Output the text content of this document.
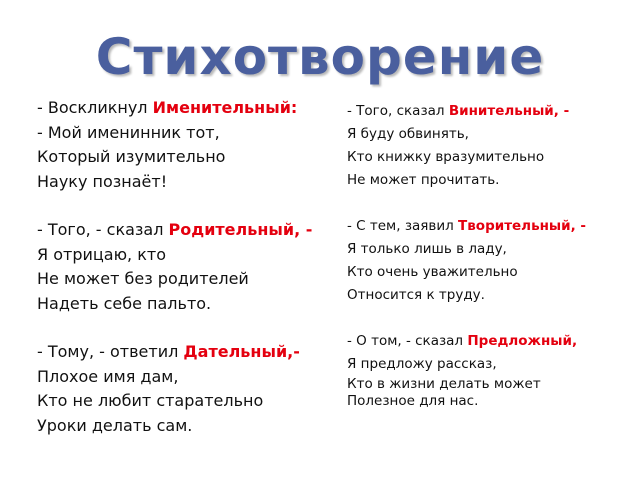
Стихотворение
- Воскликнул Именительный:
- Мой именинник тот,
Который изумительно
Науку познаёт!
- Того, - сказал Родительный, -
Я отрицаю, кто
Не может без родителей
Надеть себе пальто.
- Тому, - ответил Дательный,-
Плохое имя дам,
Кто не любит старательно
Уроки делать сам.
- Того, сказал Винительный, -
Я буду обвинять,
Кто книжку вразумительно
Не может прочитать.
- С тем, заявил Творительный, -
Я только лишь в ладу,
Кто очень уважительно
Относится к труду.
- О том, - сказал Предложный,
Я предложу рассказ,
Кто в жизни делать может
Полезное для нас.
